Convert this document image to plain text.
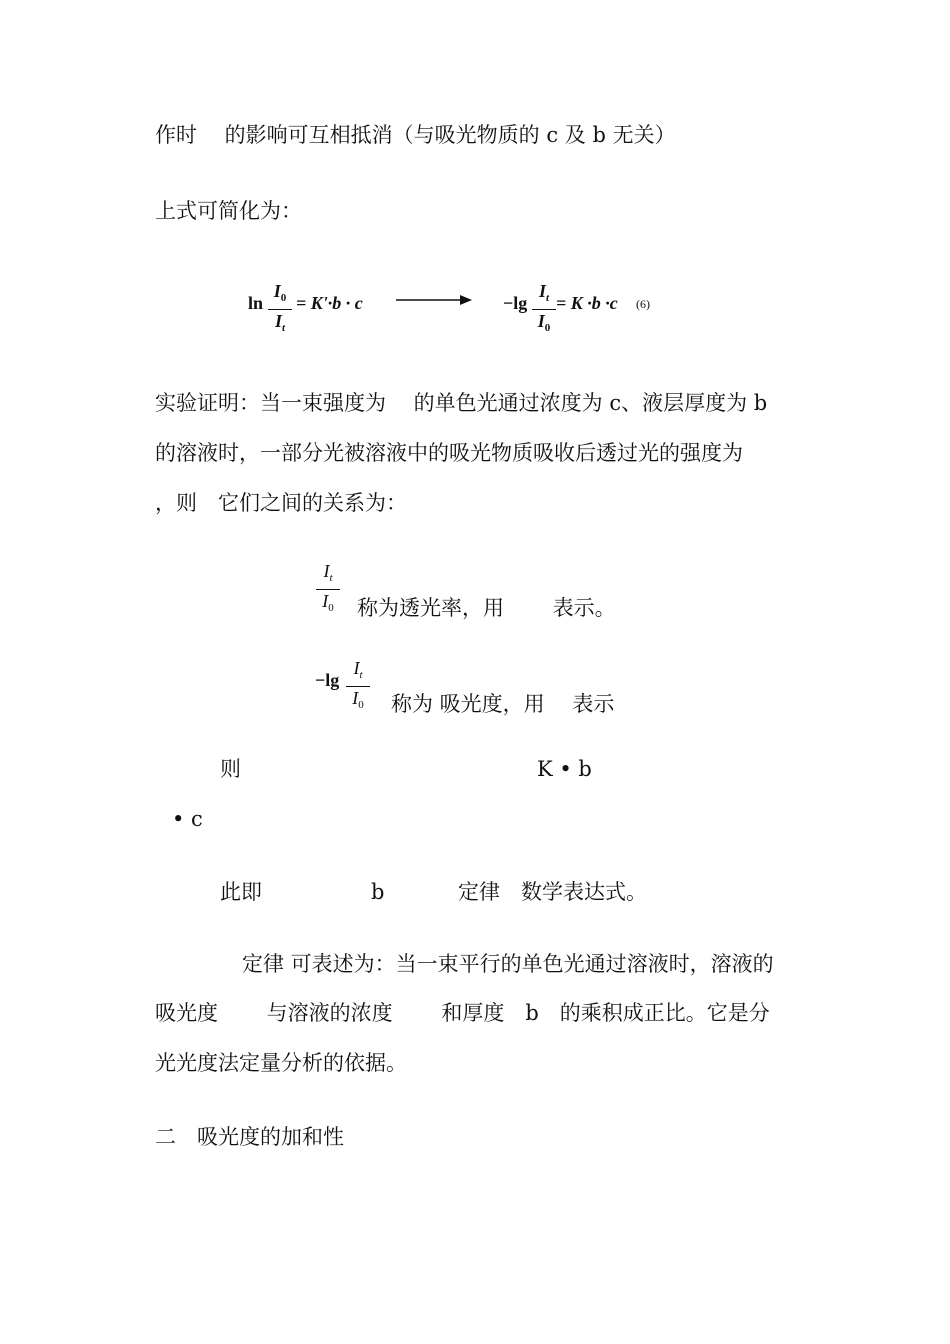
作时　 的影响可互相抵消（与吸光物质的 c 及 b 无关）
上式可简化为：
ln
$I_0$
$I_t$
= K'·b · c	−lg
$I_t$
$I_0$
= K ·b ·c (6)
实验证明：当一束强度为　 的单色光通过浓度为 c、液层厚度为 b
的溶液时，一部分光被溶液中的吸光物质吸收后透过光的强度为
，则　它们之间的关系为：
$I_t$
$I_0$ 称为透光率，用　　 表示。
−lg
$I_t$
$I_0$ 称为 吸光度，用　 表示
则	K • b
• c
此即	b	定律　数学表达式。
定律 可表述为：当一束平行的单色光通过溶液时，溶液的
吸光度　　 与溶液的浓度　　 和厚度　b　的乘积成正比。它是分
光光度法定量分析的依据。
二　吸光度的加和性
